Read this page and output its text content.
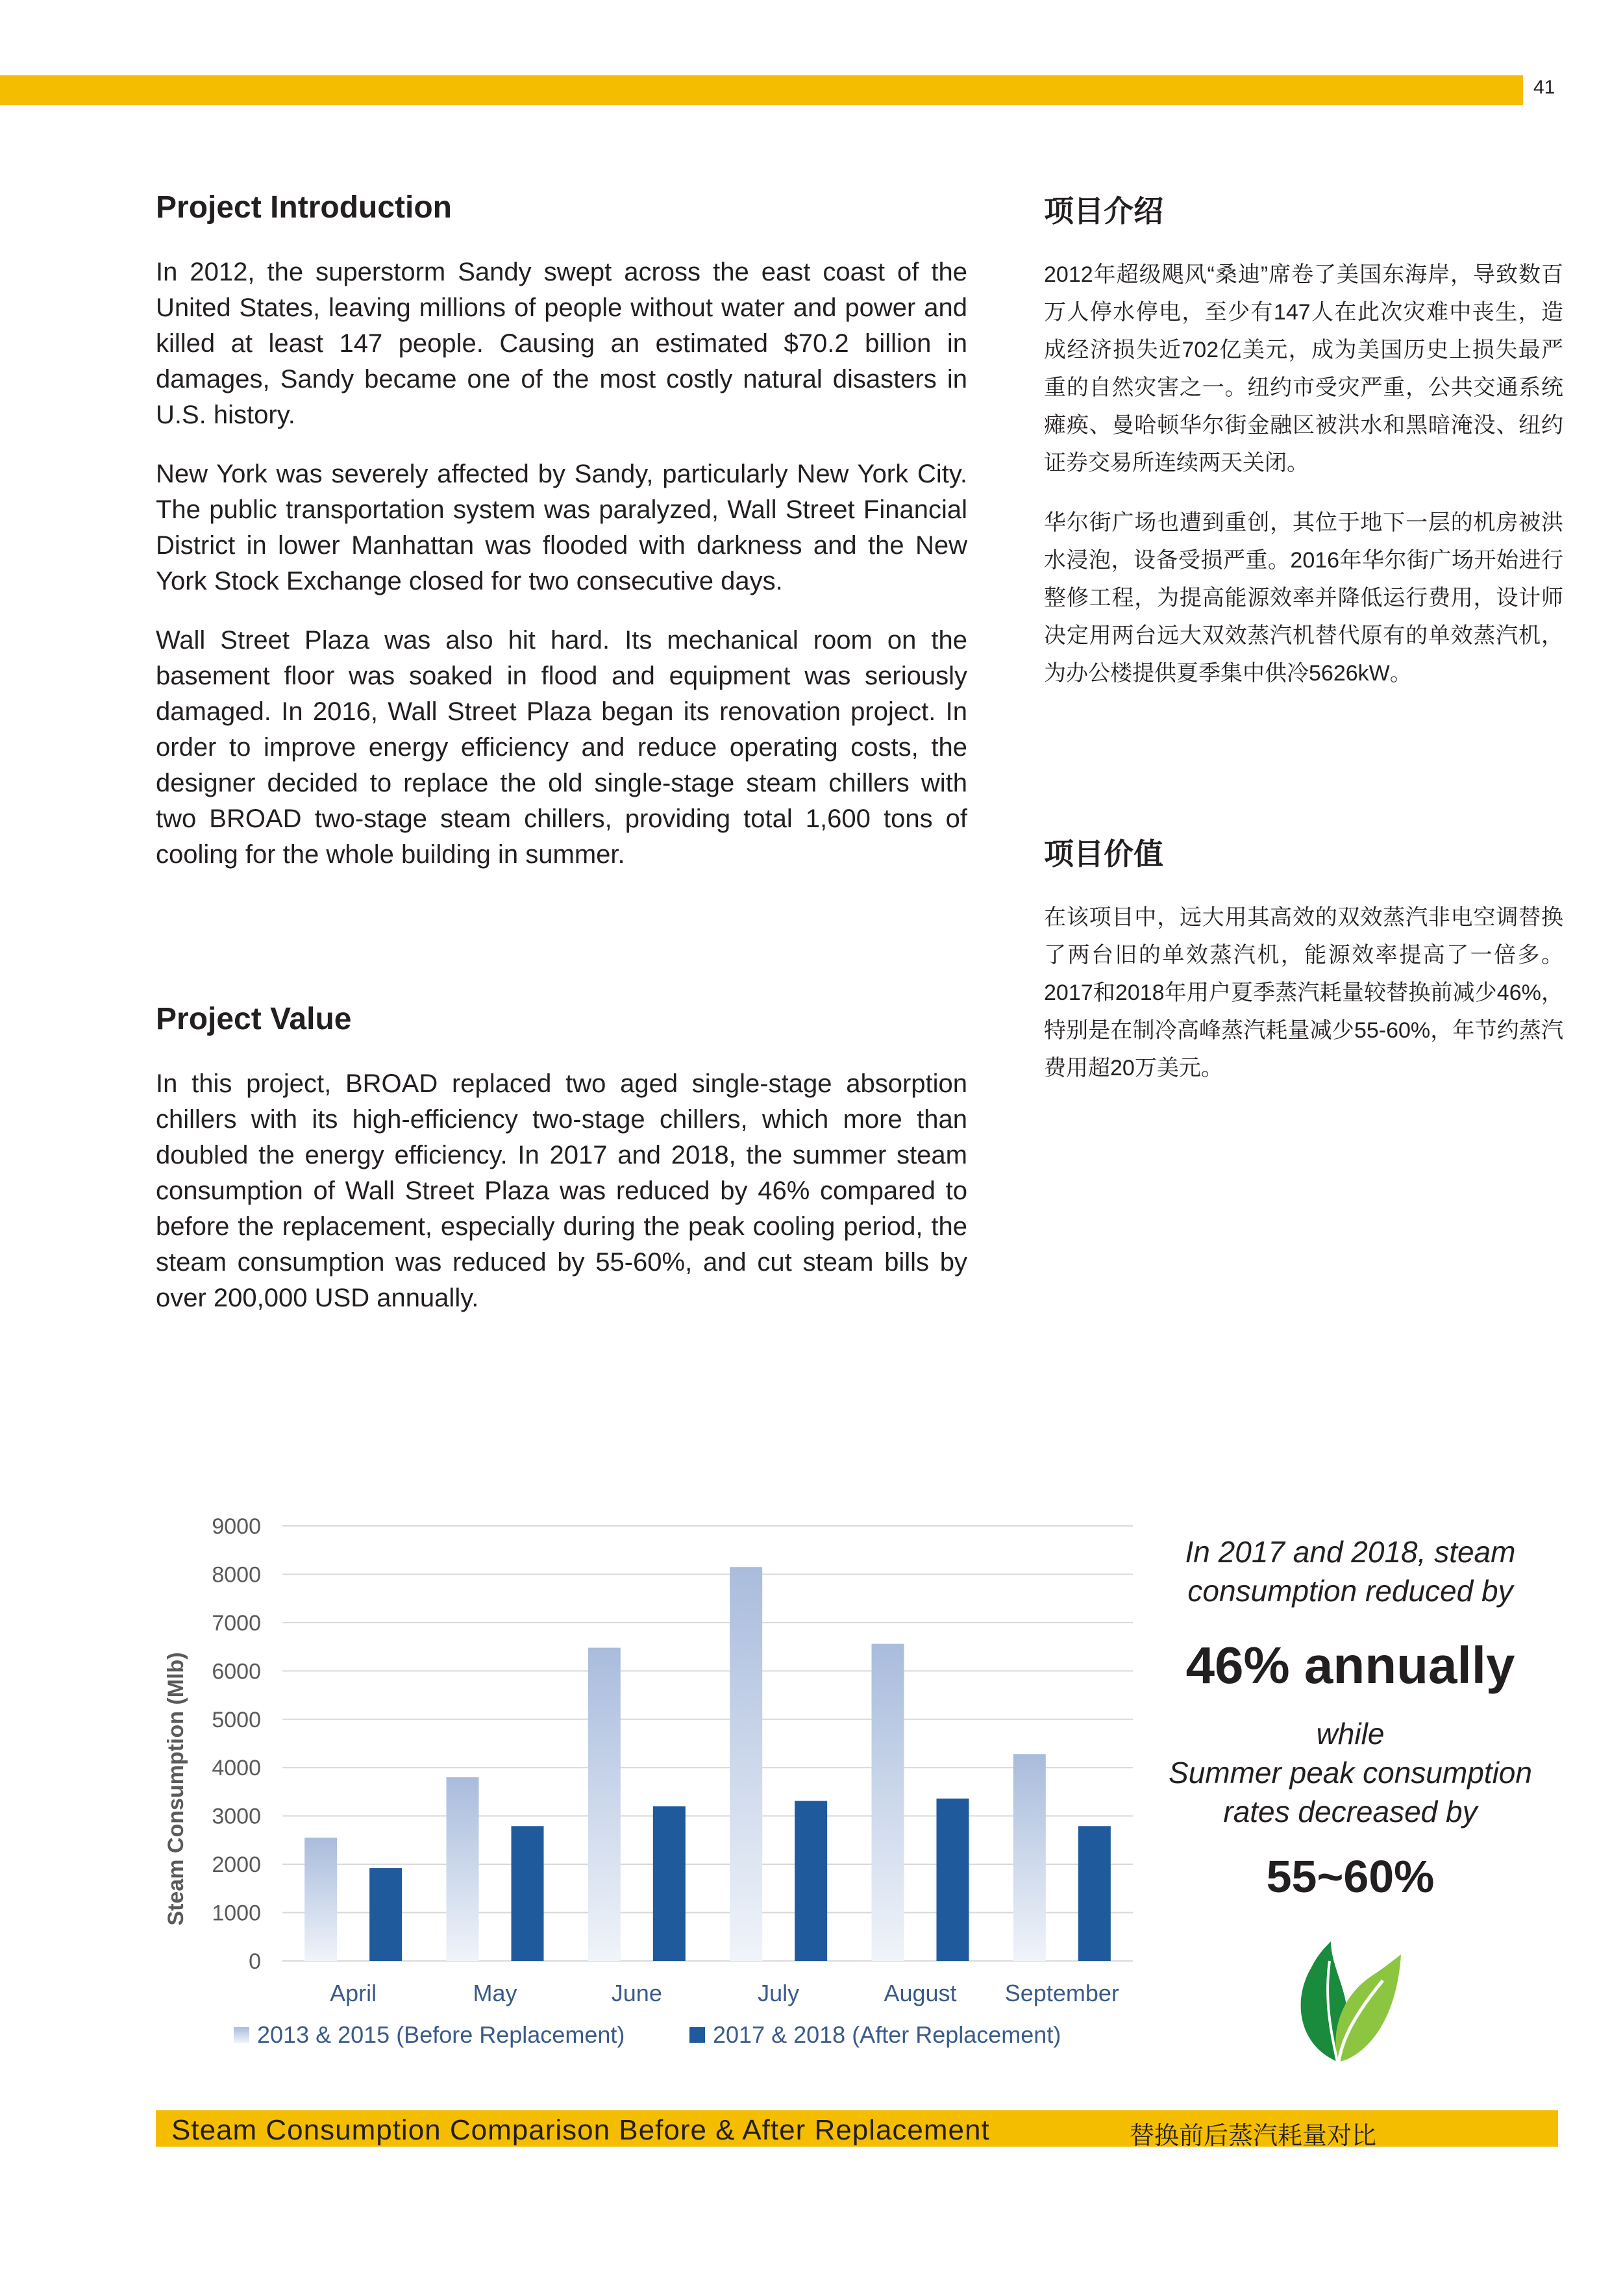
41
Project Introduction

In 2012, the superstorm Sandy swept across the east coast of the United States, leaving millions of people without water and power and killed at least 147 people. Causing an estimated $70.2 billion in damages, Sandy became one of the most costly natural disasters in U.S. history.

New York was severely affected by Sandy, particularly New York City. The public transportation system was paralyzed, Wall Street Financial District in lower Manhattan was flooded with darkness and the New York Stock Exchange closed for two consecutive days.

Wall Street Plaza was also hit hard. Its mechanical room on the basement floor was soaked in flood and equipment was seriously damaged. In 2016, Wall Street Plaza began its renovation project. In order to improve energy efficiency and reduce operating costs, the designer decided to replace the old single-stage steam chillers with two BROAD two-stage steam chillers, providing total 1,600 tons of cooling for the whole building in summer.

Project Value

In this project, BROAD replaced two aged single-stage absorption chillers with its high-efficiency two-stage chillers, which more than doubled the energy efficiency. In 2017 and 2018, the summer steam consumption of Wall Street Plaza was reduced by 46% compared to before the replacement, especially during the peak cooling period, the steam consumption was reduced by 55-60%, and cut steam bills by over 200,000 USD annually.

项目介绍

2012年超级飓风“桑迪”席卷了美国东海岸，导致数百万人停水停电，至少有147人在此次灾难中丧生，造成经济损失近702亿美元，成为美国历史上损失最严重的自然灾害之一。纽约市受灾严重，公共交通系统瘫痪、曼哈顿华尔街金融区被洪水和黑暗淹没、纽约证券交易所连续两天关闭。

华尔街广场也遭到重创，其位于地下一层的机房被洪水浸泡，设备受损严重。2016年华尔街广场开始进行整修工程，为提高能源效率并降低运行费用，设计师决定用两台远大双效蒸汽机替代原有的单效蒸汽机，为办公楼提供夏季集中供冷5626kW。

项目价值

在该项目中，远大用其高效的双效蒸汽非电空调替换了两台旧的单效蒸汽机，能源效率提高了一倍多。2017和2018年用户夏季蒸汽耗量较替换前减少46%，特别是在制冷高峰蒸汽耗量减少55-60%，年节约蒸汽费用超20万美元。

0
1000
2000
3000
4000
5000
6000
7000
8000
9000
April	May	June	July	August September
Steam Consumption (Mlb)
2013 & 2015 (Before Replacement)	2017 & 2018 (After Replacement)
In 2017 and 2018, steam
consumption reduced by
46% annually
while
Summer peak consumption
rates decreased by
55~60%
Steam Consumption Comparison Before & After Replacement	替换前后蒸汽耗量对比
